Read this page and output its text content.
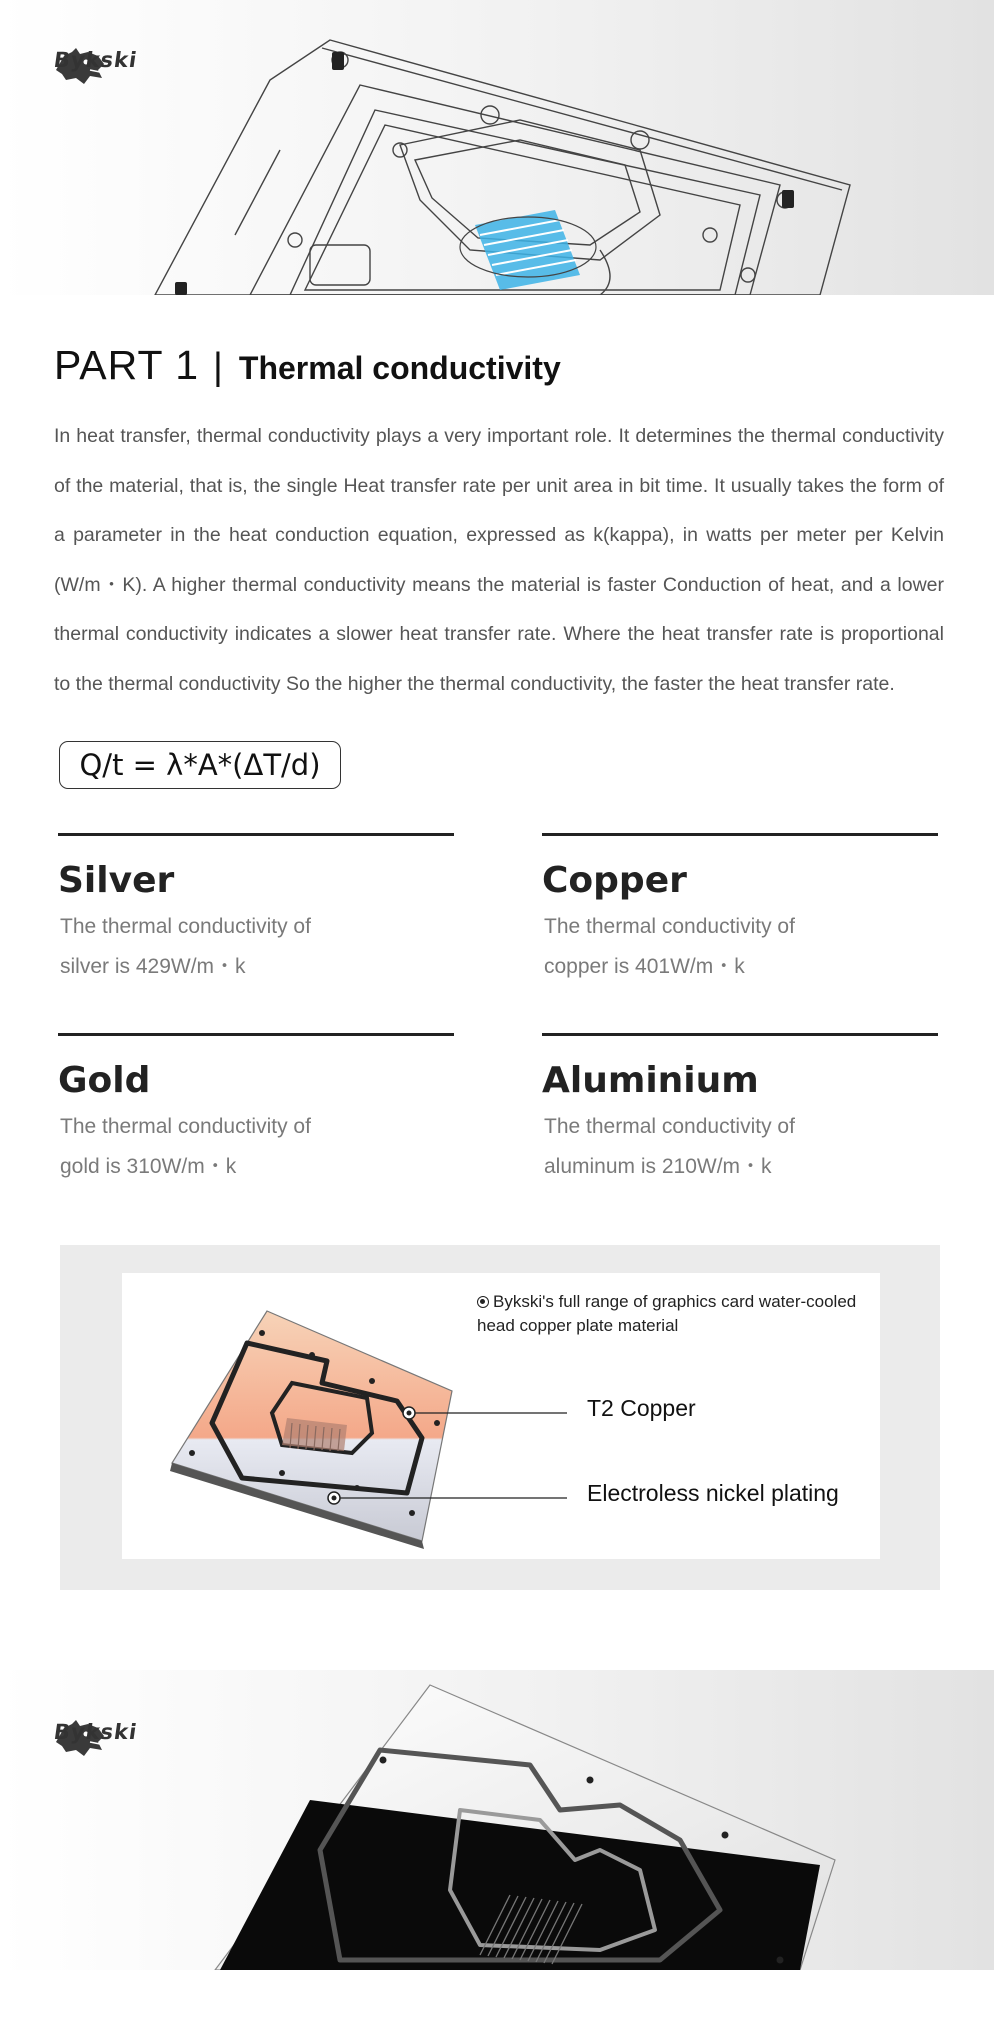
Bykski
PART 1 | Thermal conductivity
In heat transfer, thermal conductivity plays a very important role. It determines the thermal conductivity of the material, that is, the single Heat transfer rate per unit area in bit time. It usually takes the form of a parameter in the heat conduction equation, expressed as k(kappa), in watts per meter per Kelvin (W/m・K). A higher thermal conductivity means the material is faster Conduction of heat, and a lower thermal conductivity indicates a slower heat transfer rate. Where the heat transfer rate is proportional to the thermal conductivity So the higher the thermal conductivity, the faster the heat transfer rate.
Q/t = λ*A*(ΔT/d)
Silver
The thermal conductivity of
silver is 429W/m・k
Copper
The thermal conductivity of
copper is 401W/m・k
Gold
The thermal conductivity of
gold is 310W/m・k
Aluminium
The thermal conductivity of
aluminum is 210W/m・k
Bykski's full range of graphics card water-cooled head copper plate material
T2 Copper
Electroless nickel plating
Bykski
